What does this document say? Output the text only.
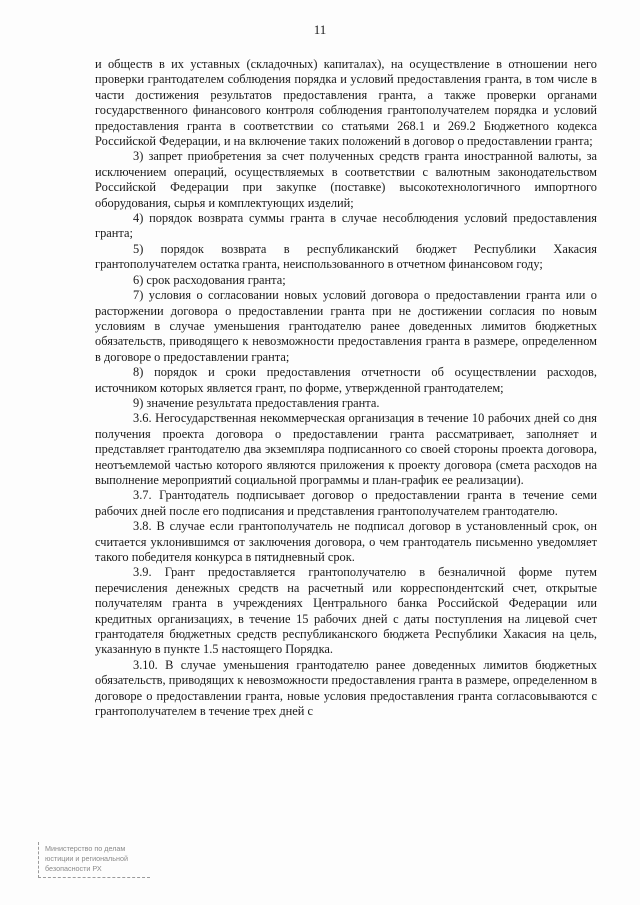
11

и обществ в их уставных (складочных) капиталах), на осуществление в отношении него проверки грантодателем соблюдения порядка и условий предоставления гранта, в том числе в части достижения результатов предоставления гранта, а также проверки органами государственного финансового контроля соблюдения грантополучателем порядка и условий предоставления гранта в соответствии со статьями 268.1 и 269.2 Бюджетного кодекса Российской Федерации, и на включение таких положений в договор о предоставлении гранта;

3) запрет приобретения за счет полученных средств гранта иностранной валюты, за исключением операций, осуществляемых в соответствии с валютным законодательством Российской Федерации при закупке (поставке) высокотехнологичного импортного оборудования, сырья и комплектующих изделий;

4) порядок возврата суммы гранта в случае несоблюдения условий предоставления гранта;

5) порядок возврата в республиканский бюджет Республики Хакасия грантополучателем остатка гранта, неиспользованного в отчетном финансовом году;

6) срок расходования гранта;

7) условия о согласовании новых условий договора о предоставлении гранта или о расторжении договора о предоставлении гранта при не достижении согласия по новым условиям в случае уменьшения грантодателю ранее доведенных лимитов бюджетных обязательств, приводящего к невозможности предоставления гранта в размере, определенном в договоре о предоставлении гранта;

8) порядок и сроки предоставления отчетности об осуществлении расходов, источником которых является грант, по форме, утвержденной грантодателем;

9) значение результата предоставления гранта.

3.6. Негосударственная некоммерческая организация в течение 10 рабочих дней со дня получения проекта договора о предоставлении гранта рассматривает, заполняет и представляет грантодателю два экземпляра подписанного со своей стороны проекта договора, неотъемлемой частью которого являются приложения к проекту договора (смета расходов на выполнение мероприятий социальной программы и план-график ее реализации).

3.7. Грантодатель подписывает договор о предоставлении гранта в течение семи рабочих дней после его подписания и представления грантополучателем грантодателю.

3.8. В случае если грантополучатель не подписал договор в установленный срок, он считается уклонившимся от заключения договора, о чем грантодатель письменно уведомляет такого победителя конкурса в пятидневный срок.

3.9. Грант предоставляется грантополучателю в безналичной форме путем перечисления денежных средств на расчетный или корреспондентский счет, открытые получателям гранта в учреждениях Центрального банка Российской Федерации или кредитных организациях, в течение 15 рабочих дней с даты поступления на лицевой счет грантодателя бюджетных средств республиканского бюджета Республики Хакасия на цель, указанную в пункте 1.5 настоящего Порядка.

3.10. В случае уменьшения грантодателю ранее доведенных лимитов бюджетных обязательств, приводящих к невозможности предоставления гранта в размере, определенном в договоре о предоставлении гранта, новые условия предоставления гранта согласовываются с грантополучателем в течение трех дней с

Министерство по делам
юстиции и региональной
безопасности РХ
